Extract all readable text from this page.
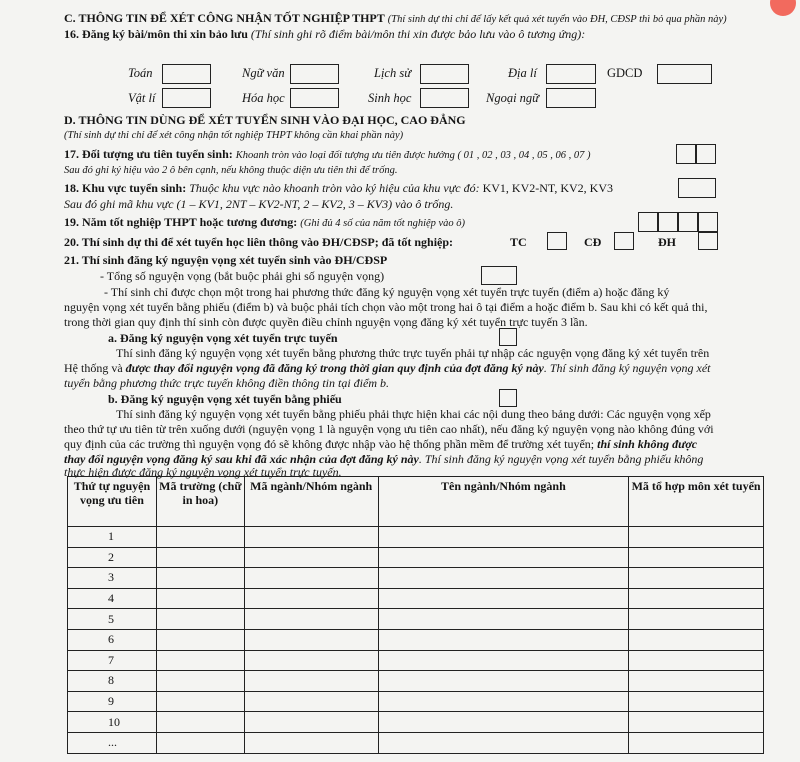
C. THÔNG TIN ĐỂ XÉT CÔNG NHẬN TỐT NGHIỆP THPT (Thí sinh dự thi chỉ để lấy kết quả xét tuyển vào ĐH, CĐSP thì bỏ qua phần này)
16. Đăng ký bài/môn thi xin bảo lưu (Thí sinh ghi rõ điểm bài/môn thi xin được bảo lưu vào ô tương ứng):
Toán	Ngữ văn	Lịch sử	Địa lí	GDCD
Vật lí	Hóa học	Sinh học	Ngoại ngữ
D. THÔNG TIN DÙNG ĐỂ XÉT TUYỂN SINH VÀO ĐẠI HỌC, CAO ĐẲNG
(Thí sinh dự thi chỉ để xét công nhận tốt nghiệp THPT không cần khai phần này)
17. Đối tượng ưu tiên tuyển sinh: Khoanh tròn vào loại đối tượng ưu tiên được hưởng ( 01 , 02 , 03 , 04 , 05 , 06 , 07 )
Sau đó ghi ký hiệu vào 2 ô bên cạnh, nếu không thuộc diện ưu tiên thì để trống.
18. Khu vực tuyển sinh: Thuộc khu vực nào khoanh tròn vào ký hiệu của khu vực đó: KV1, KV2-NT, KV2, KV3
Sau đó ghi mã khu vực (1 – KV1, 2NT – KV2-NT, 2 – KV2, 3 – KV3) vào ô trống.
19. Năm tốt nghiệp THPT hoặc tương đương: (Ghi đủ 4 số của năm tốt nghiệp vào ô)
20. Thí sinh dự thi để xét tuyển học liên thông vào ĐH/CĐSP; đã tốt nghiệp:	TC	CĐ	ĐH
21. Thí sinh đăng ký nguyện vọng xét tuyển sinh vào ĐH/CĐSP
- Tổng số nguyện vọng (bắt buộc phải ghi số nguyện vọng)
- Thí sinh chỉ được chọn một trong hai phương thức đăng ký nguyện vọng xét tuyển trực tuyến (điểm a) hoặc đăng ký
nguyện vọng xét tuyển bằng phiếu (điểm b) và buộc phải tích chọn vào một trong hai ô tại điểm a hoặc điểm b. Sau khi có kết quả thi,
trong thời gian quy định thí sinh còn được quyền điều chỉnh nguyện vọng đăng ký xét tuyển trực tuyến 3 lần.
a. Đăng ký nguyện vọng xét tuyển trực tuyến
Thí sinh đăng ký nguyện vọng xét tuyển bằng phương thức trực tuyến phải tự nhập các nguyện vọng đăng ký xét tuyển trên
Hệ thống và được thay đổi nguyện vọng đã đăng ký trong thời gian quy định của đợt đăng ký này. Thí sinh đăng ký nguyện vọng xét
tuyển bằng phương thức trực tuyến không điền thông tin tại điểm b.
b. Đăng ký nguyện vọng xét tuyển bằng phiếu
Thí sinh đăng ký nguyện vọng xét tuyển bằng phiếu phải thực hiện khai các nội dung theo bảng dưới: Các nguyện vọng xếp
theo thứ tự ưu tiên từ trên xuống dưới (nguyện vọng 1 là nguyện vọng ưu tiên cao nhất), nếu đăng ký nguyện vọng nào không đúng với
quy định của các trường thì nguyện vọng đó sẽ không được nhập vào hệ thống phần mềm để trường xét tuyển; thí sinh không được
thay đổi nguyện vọng đăng ký sau khi đã xác nhận của đợt đăng ký này. Thí sinh đăng ký nguyện vọng xét tuyển bằng phiếu không
thực hiện được đăng ký nguyện vọng xét tuyển trực tuyến.
Thứ tự nguyện vọng ưu tiên	Mã trường (chữ in hoa)	Mã ngành/Nhóm ngành	Tên ngành/Nhóm ngành	Mã tổ hợp môn xét tuyển
1				
2				
3				
4				
5				
6				
7				
8				
9				
10				
...				
